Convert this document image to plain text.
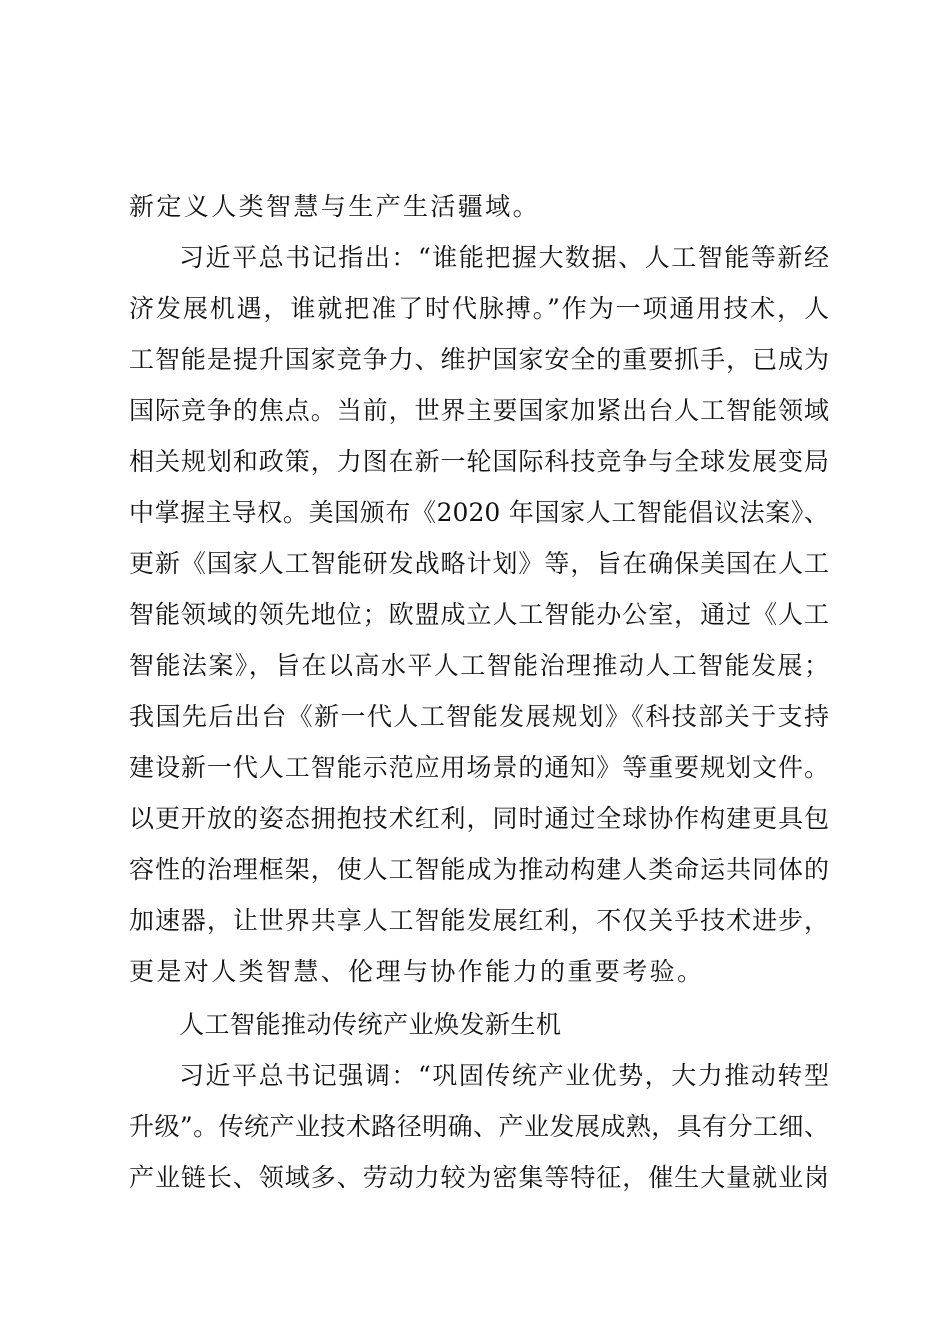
新定义人类智慧与生产生活疆域。
习近平总书记指出：“谁能把握大数据、人工智能等新经
济发展机遇，谁就把准了时代脉搏。”作为一项通用技术，人
工智能是提升国家竞争力、维护国家安全的重要抓手，已成为
国际竞争的焦点。当前，世界主要国家加紧出台人工智能领域
相关规划和政策，力图在新一轮国际科技竞争与全球发展变局
中掌握主导权。美国颁布《2020 年国家人工智能倡议法案》、
更新《国家人工智能研发战略计划》等，旨在确保美国在人工
智能领域的领先地位；欧盟成立人工智能办公室，通过《人工
智能法案》，旨在以高水平人工智能治理推动人工智能发展；
我国先后出台《新一代人工智能发展规划》《科技部关于支持
建设新一代人工智能示范应用场景的通知》等重要规划文件。
以更开放的姿态拥抱技术红利，同时通过全球协作构建更具包
容性的治理框架，使人工智能成为推动构建人类命运共同体的
加速器，让世界共享人工智能发展红利，不仅关乎技术进步，
更是对人类智慧、伦理与协作能力的重要考验。
人工智能推动传统产业焕发新生机
习近平总书记强调：“巩固传统产业优势，大力推动转型
升级”。传统产业技术路径明确、产业发展成熟，具有分工细、
产业链长、领域多、劳动力较为密集等特征，催生大量就业岗
